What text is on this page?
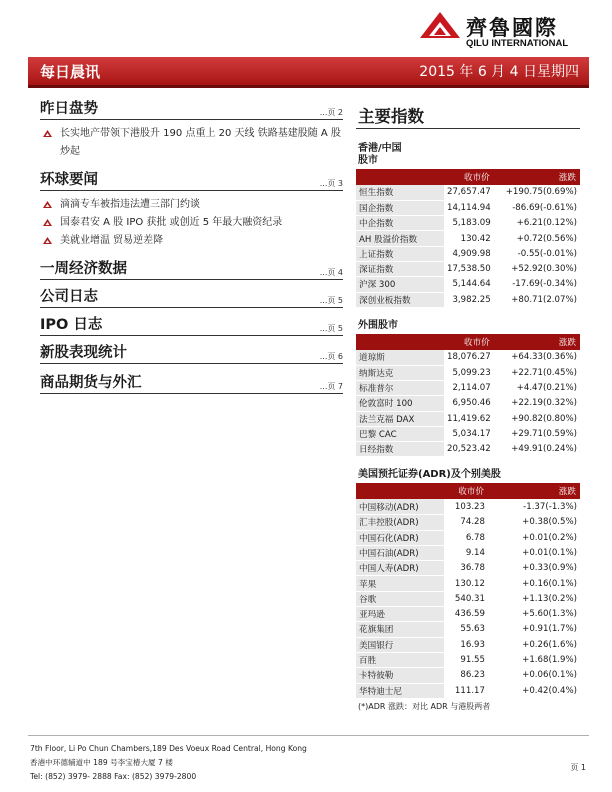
齊魯國際
QILU INTERNATIONAL
每日晨讯	2015 年 6 月 4 日星期四
昨日盘势	...页 2
长实地产带领下港股升 190 点重上 20 天线 铁路基建股随 A 股炒起
环球要闻	...页 3
滴滴专车被指违法遭三部门约谈
国泰君安 A 股 IPO 获批 或创近 5 年最大融资纪录
美就业增温 贸易逆差降
一周经济数据	...页 4
公司日志	...页 5
IPO 日志	...页 5
新股表现统计	...页 6
商品期货与外汇	...页 7
主要指数
香港/中国
股市
	收市价	涨跌
恒生指数	27,657.47	+190.75(0.69%)
国企指数	14,114.94	-86.69(-0.61%)
中企指数	5,183.09	+6.21(0.12%)
AH 股溢价指数	130.42	+0.72(0.56%)
上证指数	4,909.98	-0.55(-0.01%)
深证指数	17,538.50	+52.92(0.30%)
沪深 300	5,144.64	-17.69(-0.34%)
深创业板指数	3,982.25	+80.71(2.07%)
外围股市
	收市价	涨跌
道琼斯	18,076.27	+64.33(0.36%)
纳斯达克	5,099.23	+22.71(0.45%)
标准普尔	2,114.07	+4.47(0.21%)
伦敦富时 100	6,950.46	+22.19(0.32%)
法兰克福 DAX	11,419.62	+90.82(0.80%)
巴黎 CAC	5,034.17	+29.71(0.59%)
日经指数	20,523.42	+49.91(0.24%)
美国预托证券(ADR)及个别美股
	收市价	涨跌
中国移动(ADR)	103.23	-1.37(-1.3%)
汇丰控股(ADR)	74.28	+0.38(0.5%)
中国石化(ADR)	6.78	+0.01(0.2%)
中国石油(ADR)	9.14	+0.01(0.1%)
中国人寿(ADR)	36.78	+0.33(0.9%)
苹果	130.12	+0.16(0.1%)
谷歌	540.31	+1.13(0.2%)
亚玛逊	436.59	+5.60(1.3%)
花旗集团	55.63	+0.91(1.7%)
美国银行	16.93	+0.26(1.6%)
百胜	91.55	+1.68(1.9%)
卡特彼勒	86.23	+0.06(0.1%)
华特迪士尼	111.17	+0.42(0.4%)
(*)ADR 涨跌：对比 ADR 与港股两者
7th Floor, Li Po Chun Chambers,189 Des Voeux Road Central, Hong Kong
香港中环德辅道中 189 号李宝椿大厦 7 楼
Tel: (852) 3979- 2888 Fax: (852) 3979-2800
页 1
